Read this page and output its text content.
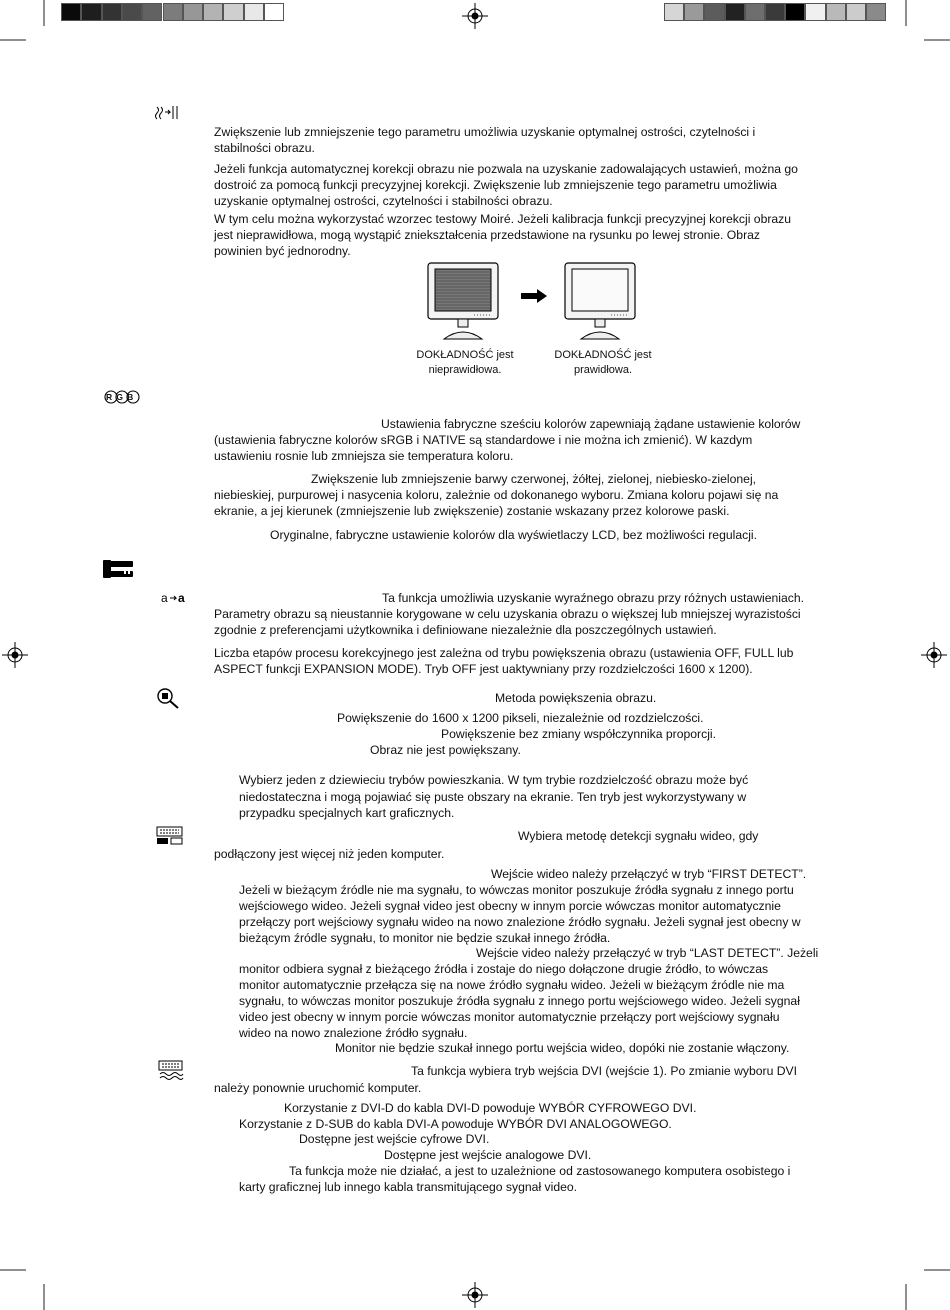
Zwiększenie lub zmniejszenie tego parametru umożliwia uzyskanie optymalnej ostrości, czytelności i
stabilności obrazu.
Jeżeli funkcja automatycznej korekcji obrazu nie pozwala na uzyskanie zadowalających ustawień, można go
dostroić za pomocą funkcji precyzyjnej korekcji. Zwiększenie lub zmniejszenie tego parametru umożliwia
uzyskanie optymalnej ostrości, czytelności i stabilności obrazu.
W tym celu można wykorzystać wzorzec testowy Moiré. Jeżeli kalibracja funkcji precyzyjnej korekcji obrazu
jest nieprawidłowa, mogą wystąpić zniekształcenia przedstawione na rysunku po lewej stronie. Obraz
powinien być jednorodny.
DOKŁADNOŚĆ jest
nieprawidłowa.
DOKŁADNOŚĆ jest
prawidłowa.
RGB
Ustawienia fabryczne sześciu kolorów zapewniają żądane ustawienie kolorów
(ustawienia fabryczne kolorów sRGB i NATIVE są standardowe i nie można ich zmienić). W kazdym
ustawieniu rosnie lub zmniejsza sie temperatura koloru.
Zwiększenie lub zmniejszenie barwy czerwonej, żółtej, zielonej, niebiesko-zielonej,
niebieskiej, purpurowej i nasycenia koloru, zależnie od dokonanego wyboru. Zmiana koloru pojawi się na
ekranie, a jej kierunek (zmniejszenie lub zwiększenie) zostanie wskazany przez kolorowe paski.
Oryginalne, fabryczne ustawienie kolorów dla wyświetlaczy LCD, bez możliwości regulacji.
a a	Ta funkcja umożliwia uzyskanie wyraźnego obrazu przy różnych ustawieniach.
Parametry obrazu są nieustannie korygowane w celu uzyskania obrazu o większej lub mniejszej wyrazistości
zgodnie z preferencjami użytkownika i definiowane niezależnie dla poszczególnych ustawień.
Liczba etapów procesu korekcyjnego jest zależna od trybu powiększenia obrazu (ustawienia OFF, FULL lub
ASPECT funkcji EXPANSION MODE). Tryb OFF jest uaktywniany przy rozdzielczości 1600 x 1200).
Metoda powiększenia obrazu.
Powiększenie do 1600 x 1200 pikseli, niezależnie od rozdzielczości.
Powiększenie bez zmiany współczynnika proporcji.
Obraz nie jest powiększany.
Wybierz jeden z dziewieciu trybów powieszkania. W tym trybie rozdzielczość obrazu może być
niedostateczna i mogą pojawiać się puste obszary na ekranie. Ten tryb jest wykorzystywany w
przypadku specjalnych kart graficznych.
Wybiera metodę detekcji sygnału wideo, gdy
podłączony jest więcej niż jeden komputer.
Wejście wideo należy przełączyć w tryb “FIRST DETECT”.
Jeżeli w bieżącym źródle nie ma sygnału, to wówczas monitor poszukuje źródła sygnału z innego portu
wejściowego wideo. Jeżeli sygnał video jest obecny w innym porcie wówczas monitor automatycznie
przełączy port wejściowy sygnału wideo na nowo znalezione źródło sygnału. Jeżeli sygnał jest obecny w
bieżącym źródle sygnału, to monitor nie będzie szukał innego źródła.
Wejście video należy przełączyć w tryb “LAST DETECT”. Jeżeli
monitor odbiera sygnał z bieżącego źródła i zostaje do niego dołączone drugie źródło, to wówczas
monitor automatycznie przełącza się na nowe źródło sygnału wideo. Jeżeli w bieżącym źródle nie ma
sygnału, to wówczas monitor poszukuje źródła sygnału z innego portu wejściowego wideo. Jeżeli sygnał
video jest obecny w innym porcie wówczas monitor automatycznie przełączy port wejściowy sygnału
wideo na nowo znalezione źródło sygnału.
Monitor nie będzie szukał innego portu wejścia wideo, dopóki nie zostanie włączony.
Ta funkcja wybiera tryb wejścia DVI (wejście 1). Po zmianie wyboru DVI
należy ponownie uruchomić komputer.
Korzystanie z DVI-D do kabla DVI-D powoduje WYBÓR CYFROWEGO DVI.
Korzystanie z D-SUB do kabla DVI-A powoduje WYBÓR DVI ANALOGOWEGO.
Dostępne jest wejście cyfrowe DVI.
Dostępne jest wejście analogowe DVI.
Ta funkcja może nie działać, a jest to uzależnione od zastosowanego komputera osobistego i
karty graficznej lub innego kabla transmitującego sygnał video.
